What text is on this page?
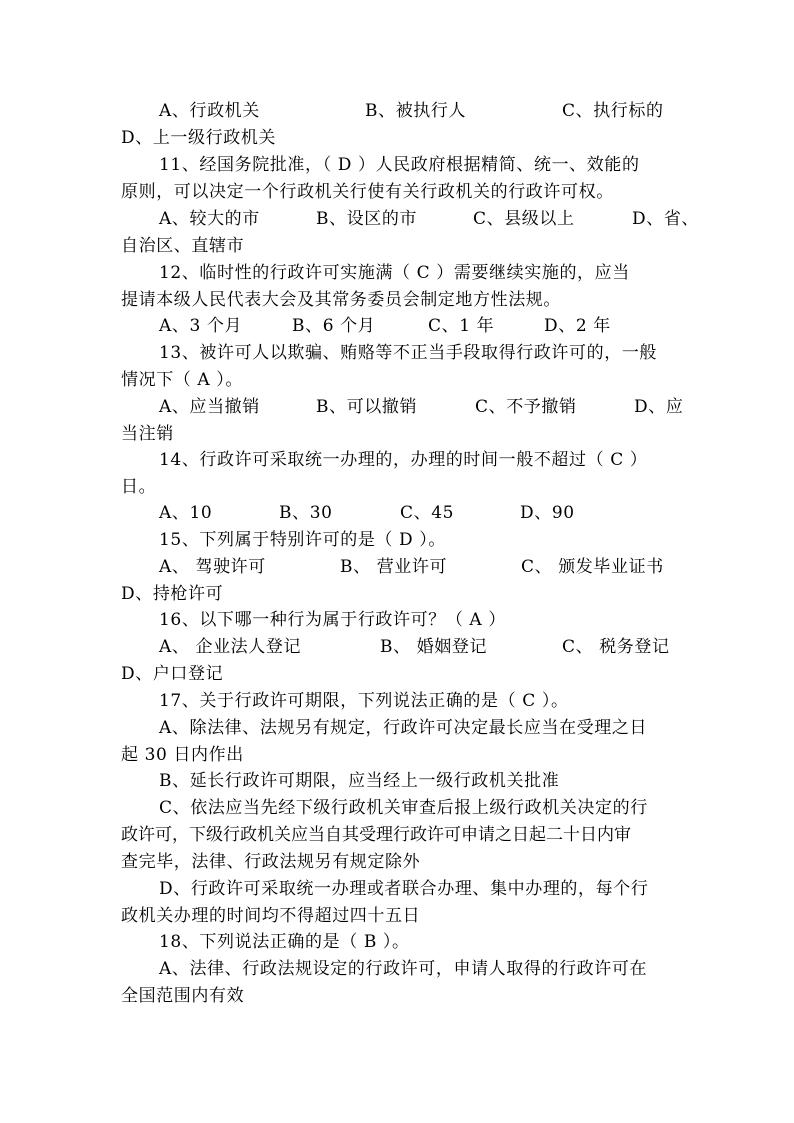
A、行政机关	B、被执行人	C、执行标的
D、上一级行政机关
11、经国务院批准，（ D ）人民政府根据精简、统一、效能的
原则，可以决定一个行政机关行使有关行政机关的行政许可权。
A、较大的市	B、设区的市	C、县级以上	D、省、
自治区、直辖市
12、临时性的行政许可实施满（ C ）需要继续实施的，应当
提请本级人民代表大会及其常务委员会制定地方性法规。
A、3 个月	B、6 个月	C、1 年	D、2 年
13、被许可人以欺骗、贿赂等不正当手段取得行政许可的，一般
情况下（ A ）。
A、应当撤销	B、可以撤销	C、不予撤销	D、应
当注销
14、行政许可采取统一办理的，办理的时间一般不超过（ C ）
日。
A、10	B、30	C、45	D、90
15、下列属于特别许可的是（ D ）。
A、 驾驶许可	B、 营业许可	C、 颁发毕业证书
D、持枪许可
16、以下哪一种行为属于行政许可？（ A ）
A、 企业法人登记	B、 婚姻登记	C、 税务登记
D、户口登记
17、关于行政许可期限，下列说法正确的是（ C ）。
A、除法律、法规另有规定，行政许可决定最长应当在受理之日
起 30 日内作出
B、延长行政许可期限，应当经上一级行政机关批准
C、依法应当先经下级行政机关审查后报上级行政机关决定的行
政许可，下级行政机关应当自其受理行政许可申请之日起二十日内审
查完毕，法律、行政法规另有规定除外
D、行政许可采取统一办理或者联合办理、集中办理的，每个行
政机关办理的时间均不得超过四十五日
18、下列说法正确的是（ B ）。
A、法律、行政法规设定的行政许可，申请人取得的行政许可在
全国范围内有效
